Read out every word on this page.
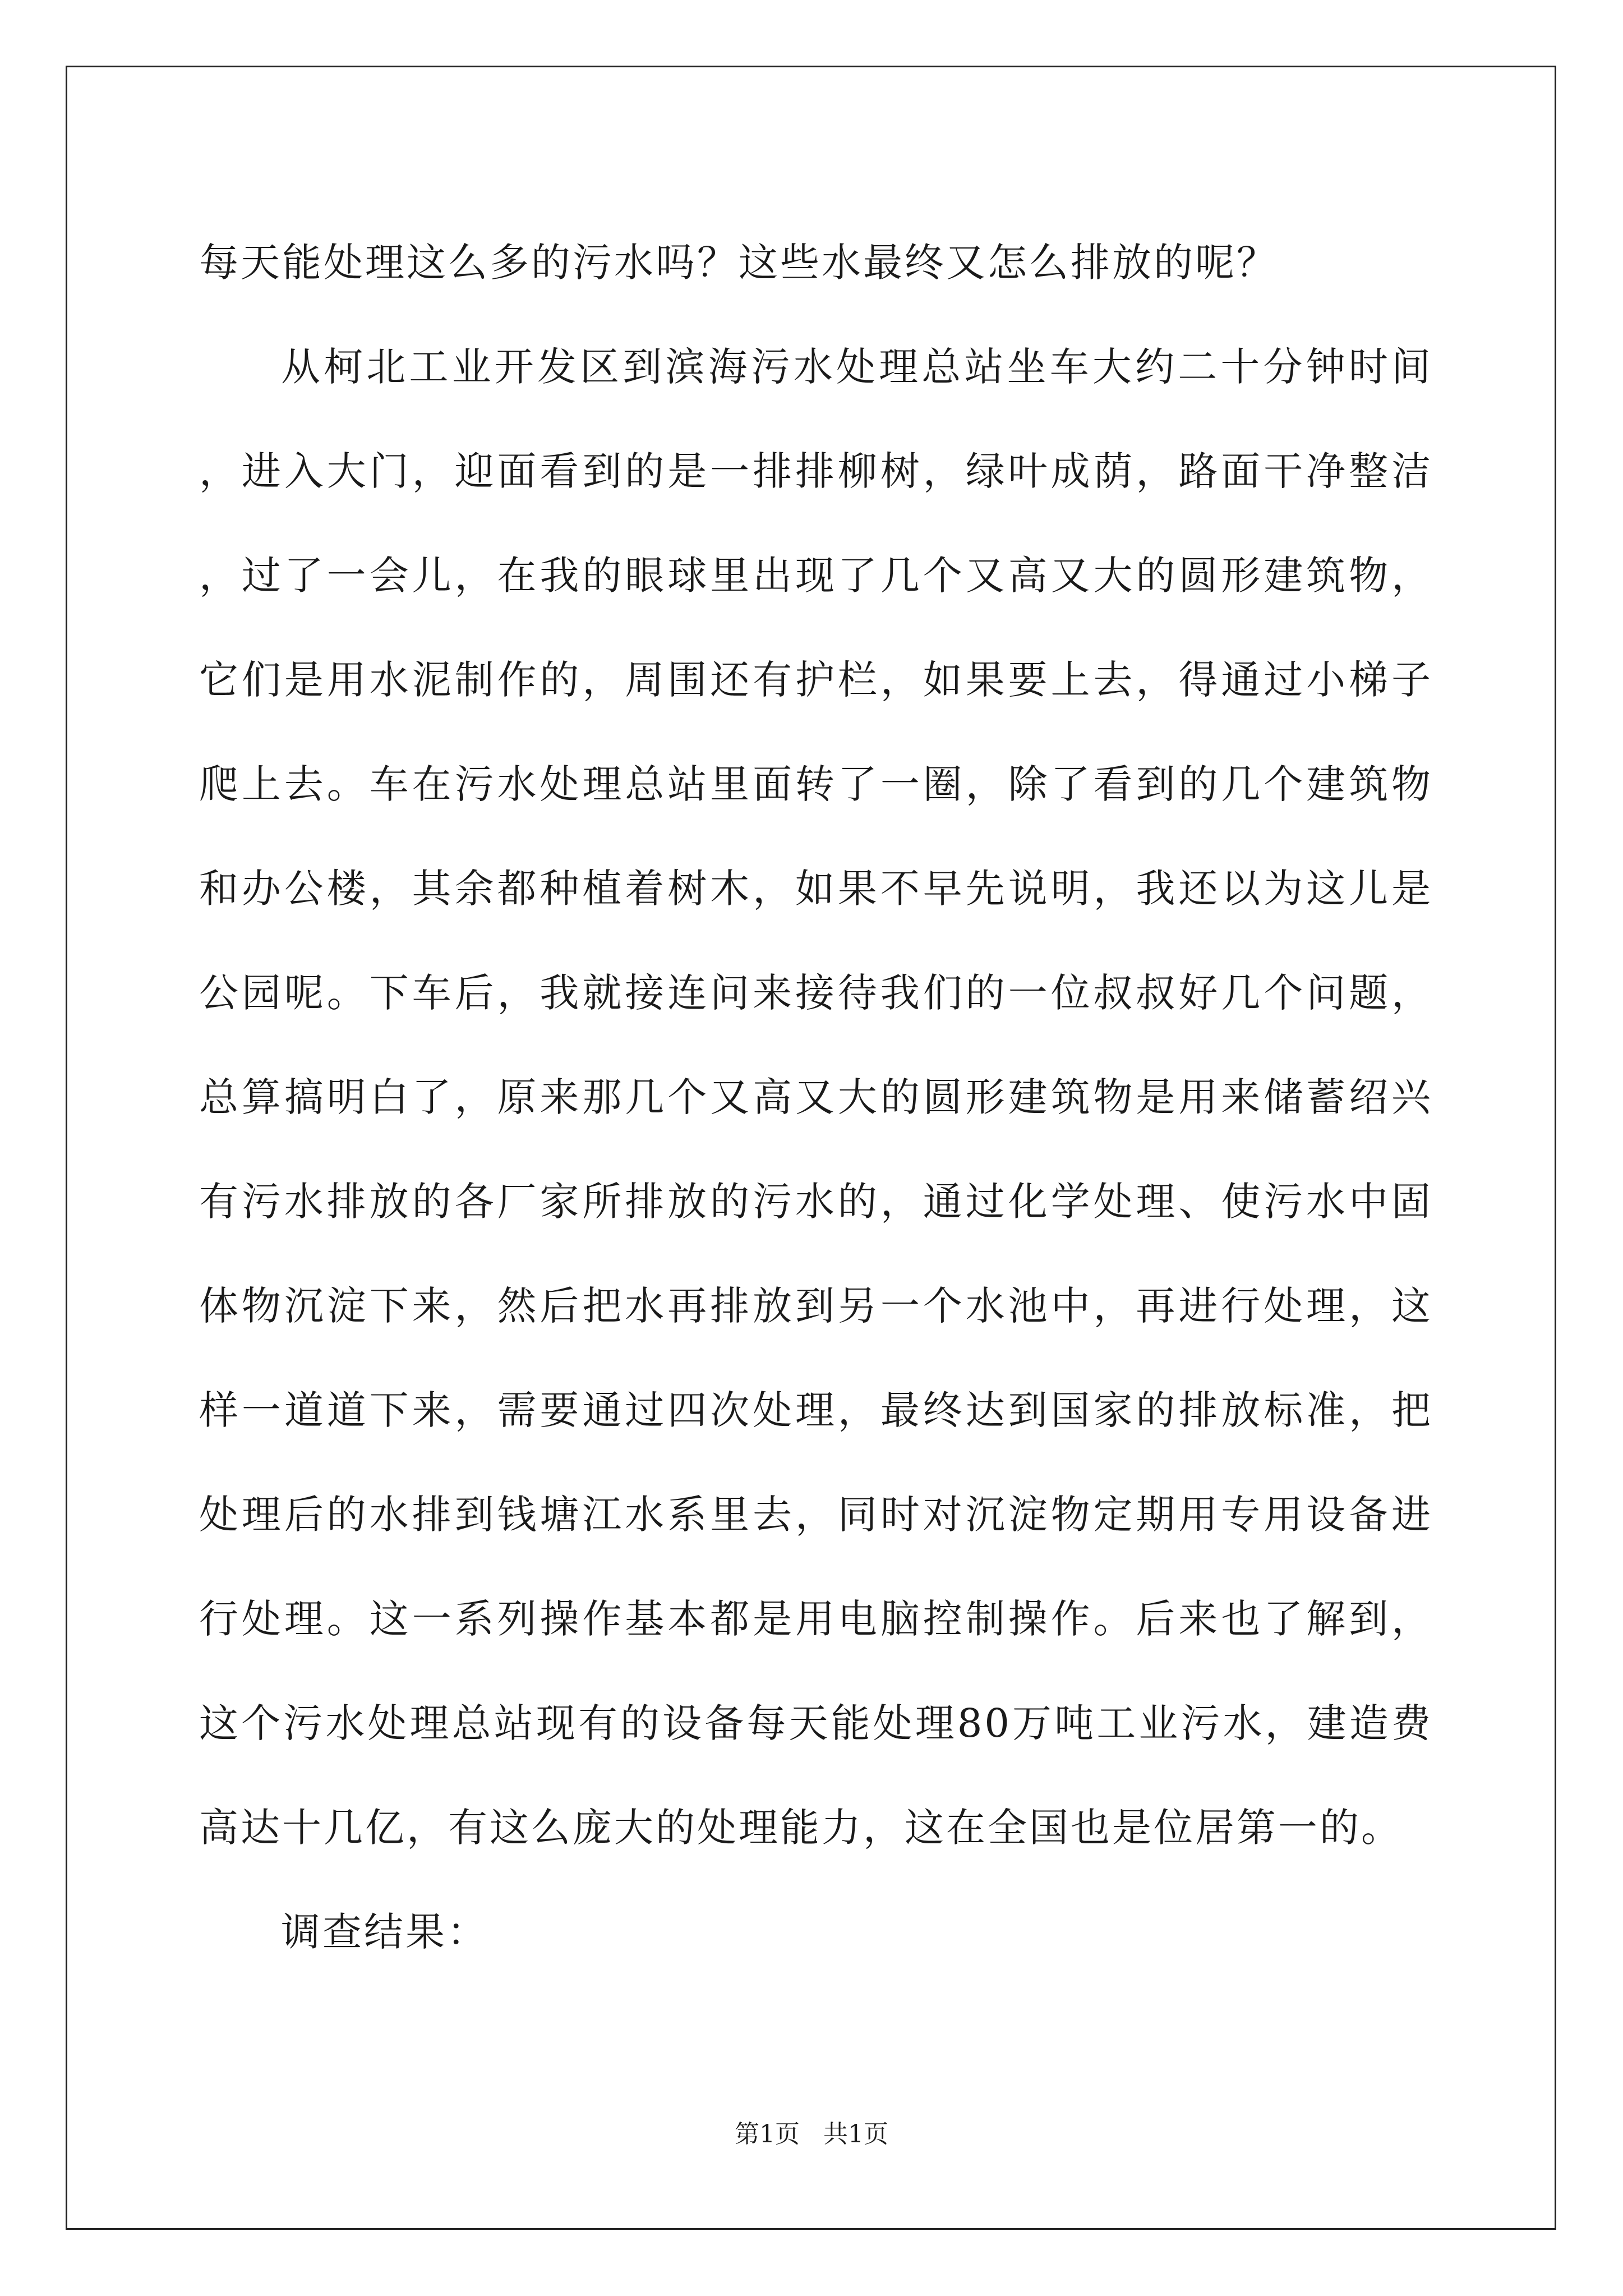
每天能处理这么多的污水吗？这些水最终又怎么排放的呢？

从柯北工业开发区到滨海污水处理总站坐车大约二十分钟时间，进入大门，迎面看到的是一排排柳树，绿叶成荫，路面干净整洁，过了一会儿，在我的眼球里出现了几个又高又大的圆形建筑物，它们是用水泥制作的，周围还有护栏，如果要上去，得通过小梯子爬上去。车在污水处理总站里面转了一圈，除了看到的几个建筑物和办公楼，其余都种植着树木，如果不早先说明，我还以为这儿是公园呢。下车后，我就接连问来接待我们的一位叔叔好几个问题，总算搞明白了，原来那几个又高又大的圆形建筑物是用来储蓄绍兴有污水排放的各厂家所排放的污水的，通过化学处理、使污水中固体物沉淀下来，然后把水再排放到另一个水池中，再进行处理，这样一道道下来，需要通过四次处理，最终达到国家的排放标准，把处理后的水排到钱塘江水系里去，同时对沉淀物定期用专用设备进行处理。这一系列操作基本都是用电脑控制操作。后来也了解到，这个污水处理总站现有的设备每天能处理80万吨工业污水，建造费高达十几亿，有这么庞大的处理能力，这在全国也是位居第一的。

调查结果：

第1页   共1页
